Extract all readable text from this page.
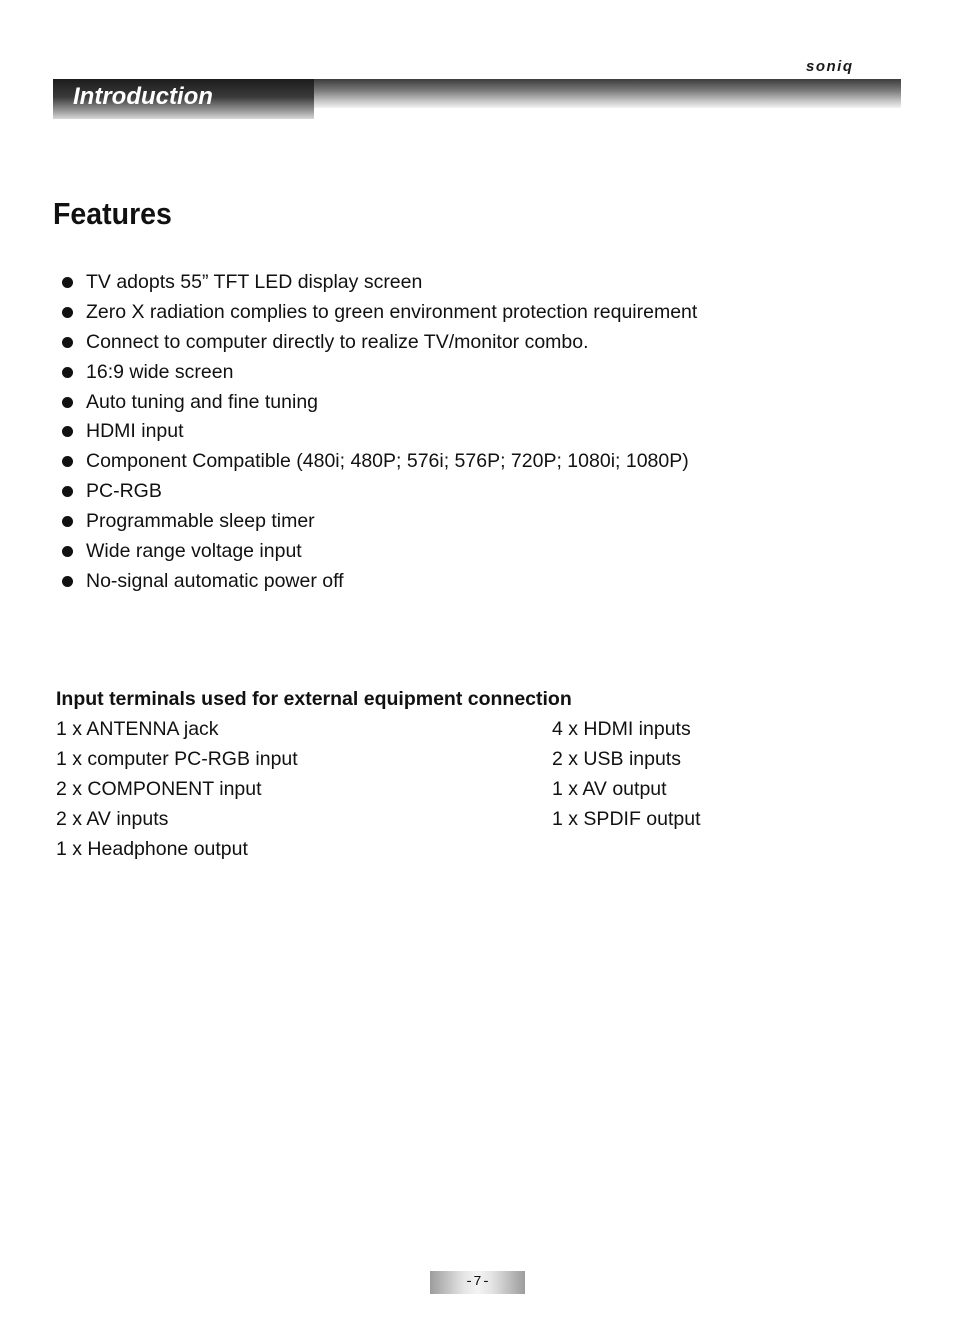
soniq
Introduction
Features
TV adopts 55” TFT LED display screen
Zero X radiation complies to green environment protection requirement
Connect to computer directly to realize TV/monitor combo.
16:9 wide screen
Auto tuning and fine tuning
HDMI input
Component Compatible (480i; 480P; 576i; 576P; 720P; 1080i; 1080P)
PC-RGB
Programmable sleep timer
Wide range voltage input
No-signal automatic power off
Input terminals used for external equipment connection
1 x ANTENNA jack
1 x computer PC-RGB input
2 x COMPONENT input
2 x AV inputs
1 x Headphone output
4 x HDMI inputs
2 x USB inputs
1 x AV output
1 x SPDIF output
-7-
